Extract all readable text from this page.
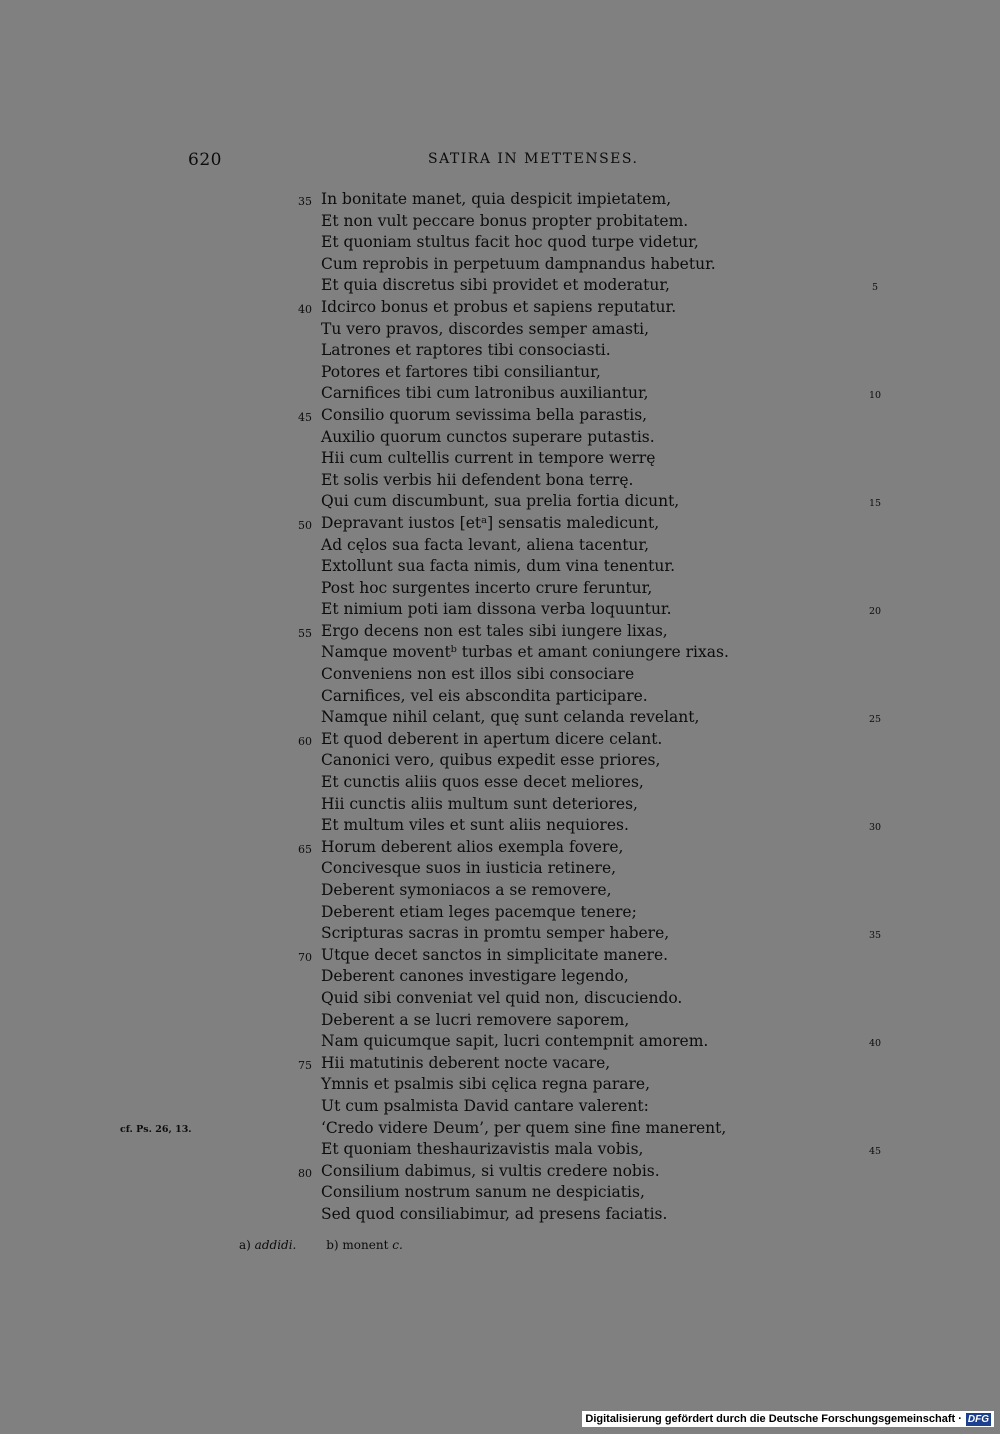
620	SATIRA IN METTENSES.
35 In bonitate manet, quia despicit impietatem,
Et non vult peccare bonus propter probitatem.
Et quoniam stultus facit hoc quod turpe videtur,
Cum reprobis in perpetuum dampnandus habetur.
Et quia discretus sibi providet et moderatur,	5
40 Idcirco bonus et probus et sapiens reputatur.
Tu vero pravos, discordes semper amasti,
Latrones et raptores tibi consociasti.
Potores et fartores tibi consiliantur,
Carnifices tibi cum latronibus auxiliantur,	10
45 Consilio quorum sevissima bella parastis,
Auxilio quorum cunctos superare putastis.
Hii cum cultellis current in tempore werrę
Et solis verbis hii defendent bona terrę.
Qui cum discumbunt, sua prelia fortia dicunt,	15
50 Depravant iustos [etᵃ] sensatis maledicunt,
Ad cęlos sua facta levant, aliena tacentur,
Extollunt sua facta nimis, dum vina tenentur.
Post hoc surgentes incerto crure feruntur,
Et nimium poti iam dissona verba loquuntur.	20
55 Ergo decens non est tales sibi iungere lixas,
Namque moventᵇ turbas et amant coniungere rixas.
Conveniens non est illos sibi consociare
Carnifices, vel eis abscondita participare.
Namque nihil celant, quę sunt celanda revelant,	25
60 Et quod deberent in apertum dicere celant.
Canonici vero, quibus expedit esse priores,
Et cunctis aliis quos esse decet meliores,
Hii cunctis aliis multum sunt deteriores,
Et multum viles et sunt aliis nequiores.	30
65 Horum deberent alios exempla fovere,
Concivesque suos in iusticia retinere,
Deberent symoniacos a se removere,
Deberent etiam leges pacemque tenere;
Scripturas sacras in promtu semper habere,	35
70 Utque decet sanctos in simplicitate manere.
Deberent canones investigare legendo,
Quid sibi conveniat vel quid non, discuciendo.
Deberent a se lucri removere saporem,
Nam quicumque sapit, lucri contempnit amorem.	40
75 Hii matutinis deberent nocte vacare,
Ymnis et psalmis sibi cęlica regna parare,
Ut cum psalmista David cantare valerent:
‘Credo videre Deum’, per quem sine fine manerent,
cf. Ps. 26, 13.
Et quoniam theshaurizavistis mala vobis,	45
80 Consilium dabimus, si vultis credere nobis.
Consilium nostrum sanum ne despiciatis,
Sed quod consiliabimur, ad presens faciatis.
a) addidi. b) monent c.
Digitalisierung gefördert durch die Deutsche Forschungsgemeinschaft · DFG
